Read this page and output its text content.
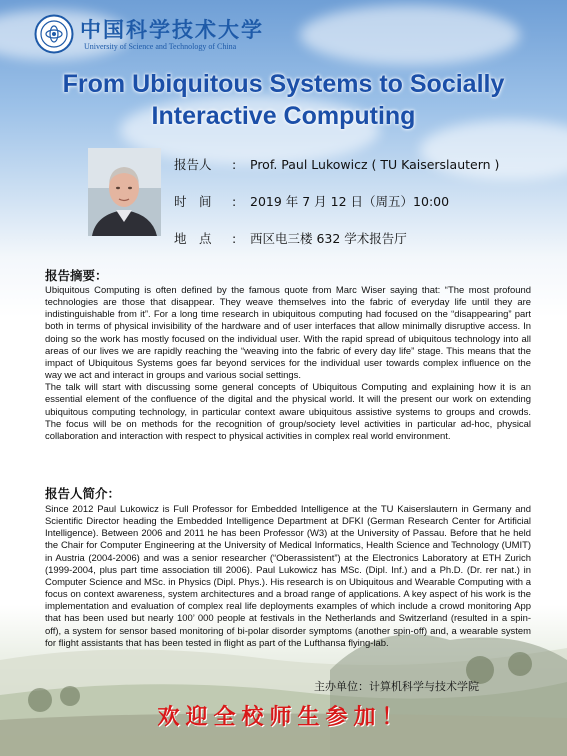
中国科学技术大学
University of Science and Technology of China
From Ubiquitous Systems to Socially
Interactive Computing
报告人 : Prof. Paul Lukowicz ( TU Kaiserslautern )
时　间 : 2019 年 7 月 12 日（周五）10:00
地　点 : 西区电三楼 632 学术报告厅
报告摘要：

Ubiquitous Computing is often defined by the famous quote from Marc Wiser saying that: “The most profound technologies are those that disappear. They weave themselves into the fabric of everyday life until they are indistinguishable from it”. For a long time research in ubiquitous computing had focused on the “disappearing” part both in terms of physical invisibility of the hardware and of user interfaces that allow minimally disruptive access. In doing so the work has mostly focused on the individual user. With the rapid spread of ubiquitous technology into all areas of our lives we are rapidly reaching the “weaving into the fabric of every day life” stage. This means that the impact of Ubiquitous Systems goes far beyond services for the individual user towards complex influence on the way we act and interact in groups and various social settings.

The talk will start with discussing some general concepts of Ubiquitous Computing and explaining how it is an essential element of the confluence of the digital and the physical world. It will the present our work on extending ubiquitous computing technology, in particular context aware ubiquitous assistive systems to groups and crowds. The focus will be on methods for the recognition of group/society level activities in particular ad-hoc, physical collaboration and interaction with respect to physical activities in complex real world environment.

报告人简介：

Since 2012 Paul Lukowicz is Full Professor for Embedded Intelligence at the TU Kaiserslautern in Germany and Scientific Director heading the Embedded Intelligence Department at DFKI (German Research Center for Artificial Intelligence). Between 2006 and 2011 he has been Professor (W3) at the University of Passau. Before that he held the Chair for Computer Engineering at the University of Medical Informatics, Health Science and Technology (UMIT) in Austria (2004-2006) and was a senior researcher (“Oberassistent”) at the Electronics Laboratory at ETH Zurich (1999-2004, plus part time association till 2006). Paul Lukowicz has MSc. (Dipl. Inf.) and a Ph.D. (Dr. rer nat.) in Computer Science and MSc. in Physics (Dipl. Phys.). His research is on Ubiquitous and Wearable Computing with a focus on context awareness, system architectures and a broad range of applications. A key aspect of his work is the implementation and evaluation of complex real life deployments examples of which include a crowd monitoring App that has been used but nearly 100’ 000 people at festivals in the Netherlands and Switzerland (resulted in a spin-off), a system for sensor based monitoring of bi-polar disorder symptoms (another spin-off) and, a wearable system for flight assistants that has been tested in flight as part of the Lufthansa flying-lab.

主办单位：计算机科学与技术学院
欢迎全校师生参加！
